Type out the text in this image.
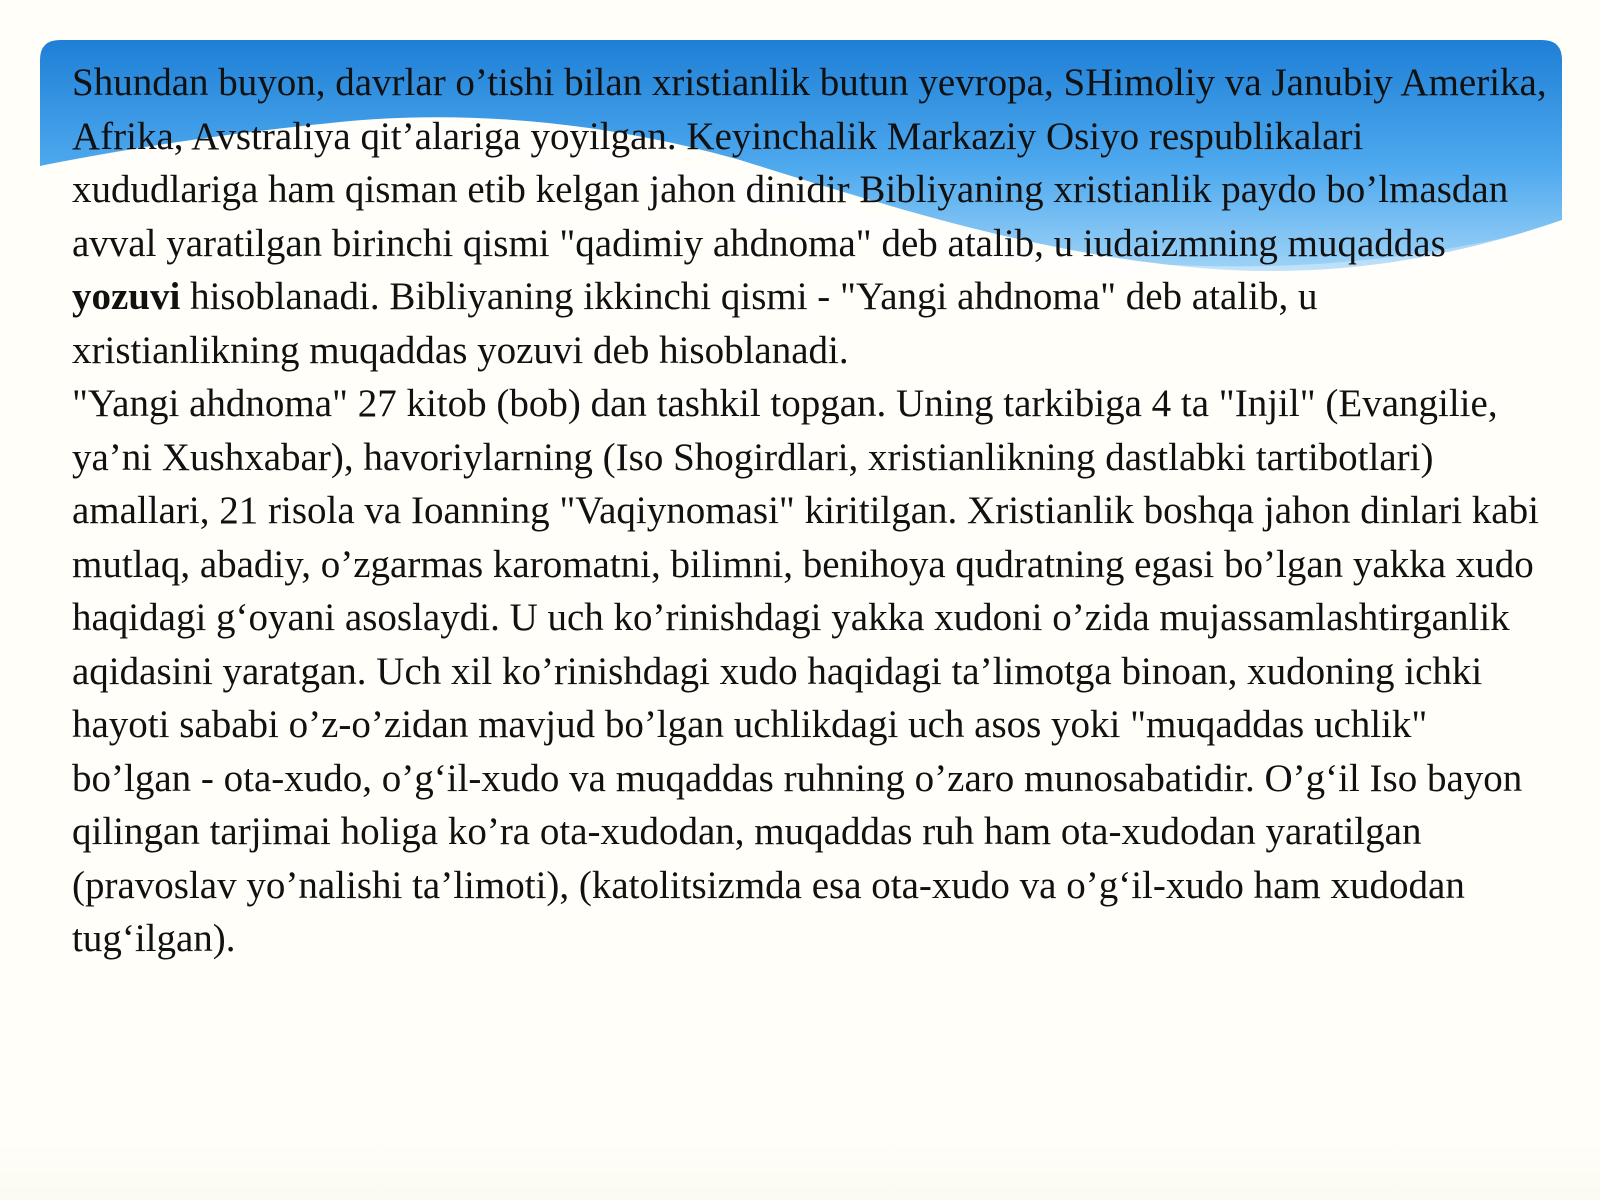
Shundan buyon, davrlar o’tishi bilan xristianlik butun yevropa, SHimoliy va Janubiy Amerika, Afrika, Avstraliya qit’alariga yoyilgan. Keyinchalik Markaziy Osiyo respublikalari xududlariga ham qisman etib kelgan jahon dinidir Bibliyaning xristianlik paydo bo’lmasdan avval yaratilgan birinchi qismi "qadimiy ahdnoma" deb atalib, u iudaizmning muqaddas yozuvi hisoblanadi. Bibliyaning ikkinchi qismi - "Yangi ahdnoma" deb atalib, u xristianlikning muqaddas yozuvi deb hisoblanadi.

"Yangi ahdnoma" 27 kitob (bob) dan tashkil topgan. Uning tarkibiga 4 ta "Injil" (Evangilie, ya’ni Xushxabar), havoriylarning (Iso Shogirdlari, xristianlikning dastlabki tartibotlari) amallari, 21 risola va Ioanning "Vaqiynomasi" kiritilgan. Xristianlik boshqa jahon dinlari kabi mutlaq, abadiy, o’zgarmas karomatni, bilimni, benihoya qudratning egasi bo’lgan yakka xudo haqidagi g‘oyani asoslaydi. U uch ko’rinishdagi yakka xudoni o’zida mujassamlashtirganlik aqidasini yaratgan. Uch xil ko’rinishdagi xudo haqidagi ta’limotga binoan, xudoning ichki hayoti sababi o’z-o’zidan mavjud bo’lgan uchlikdagi uch asos yoki "muqaddas uchlik" bo’lgan - ota-xudo, o’g‘il-xudo va muqaddas ruhning o’zaro munosabatidir. O’g‘il Iso bayon qilingan tarjimai holiga ko’ra ota-xudodan, muqaddas ruh ham ota-xudodan yaratilgan (pravoslav yo’nalishi ta’limoti), (katolitsizmda esa ota-xudo va o’g‘il-xudo ham xudodan tug‘ilgan).
